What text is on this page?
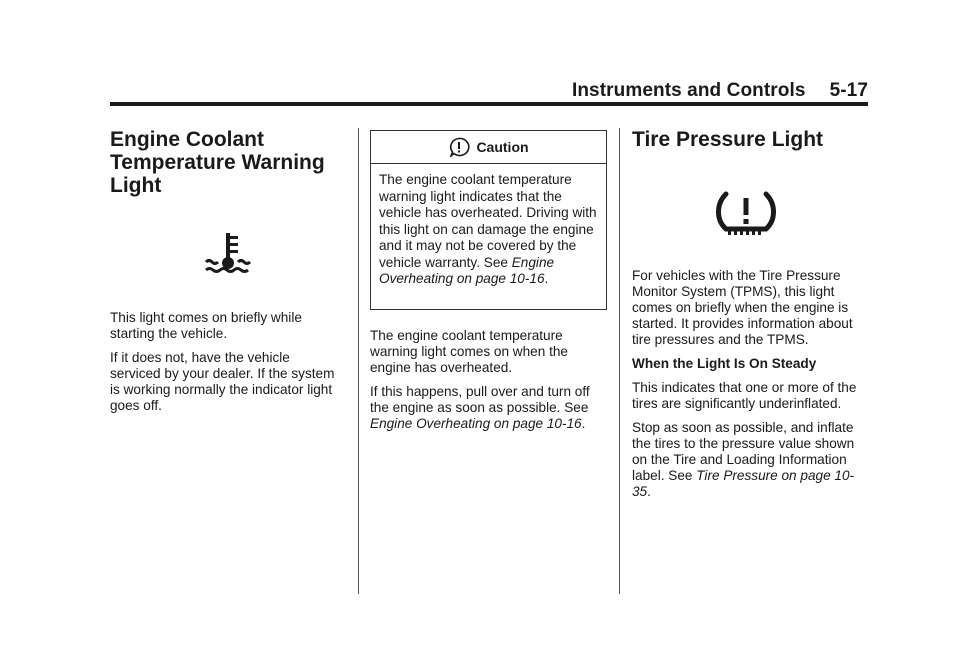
Instruments and Controls 5-17
Engine Coolant
Temperature Warning
Light

This light comes on briefly while starting the vehicle.

If it does not, have the vehicle serviced by your dealer. If the system is working normally the indicator light goes off.

Caution
The engine coolant temperature warning light indicates that the vehicle has overheated. Driving with this light on can damage the engine and it may not be covered by the vehicle warranty. See Engine Overheating on page 10-16.

The engine coolant temperature warning light comes on when the engine has overheated.

If this happens, pull over and turn off the engine as soon as possible. See Engine Overheating on page 10-16.

Tire Pressure Light

For vehicles with the Tire Pressure Monitor System (TPMS), this light comes on briefly when the engine is started. It provides information about tire pressures and the TPMS.

When the Light Is On Steady

This indicates that one or more of the tires are significantly underinflated.

Stop as soon as possible, and inflate the tires to the pressure value shown on the Tire and Loading Information label. See Tire Pressure on page 10-35.
